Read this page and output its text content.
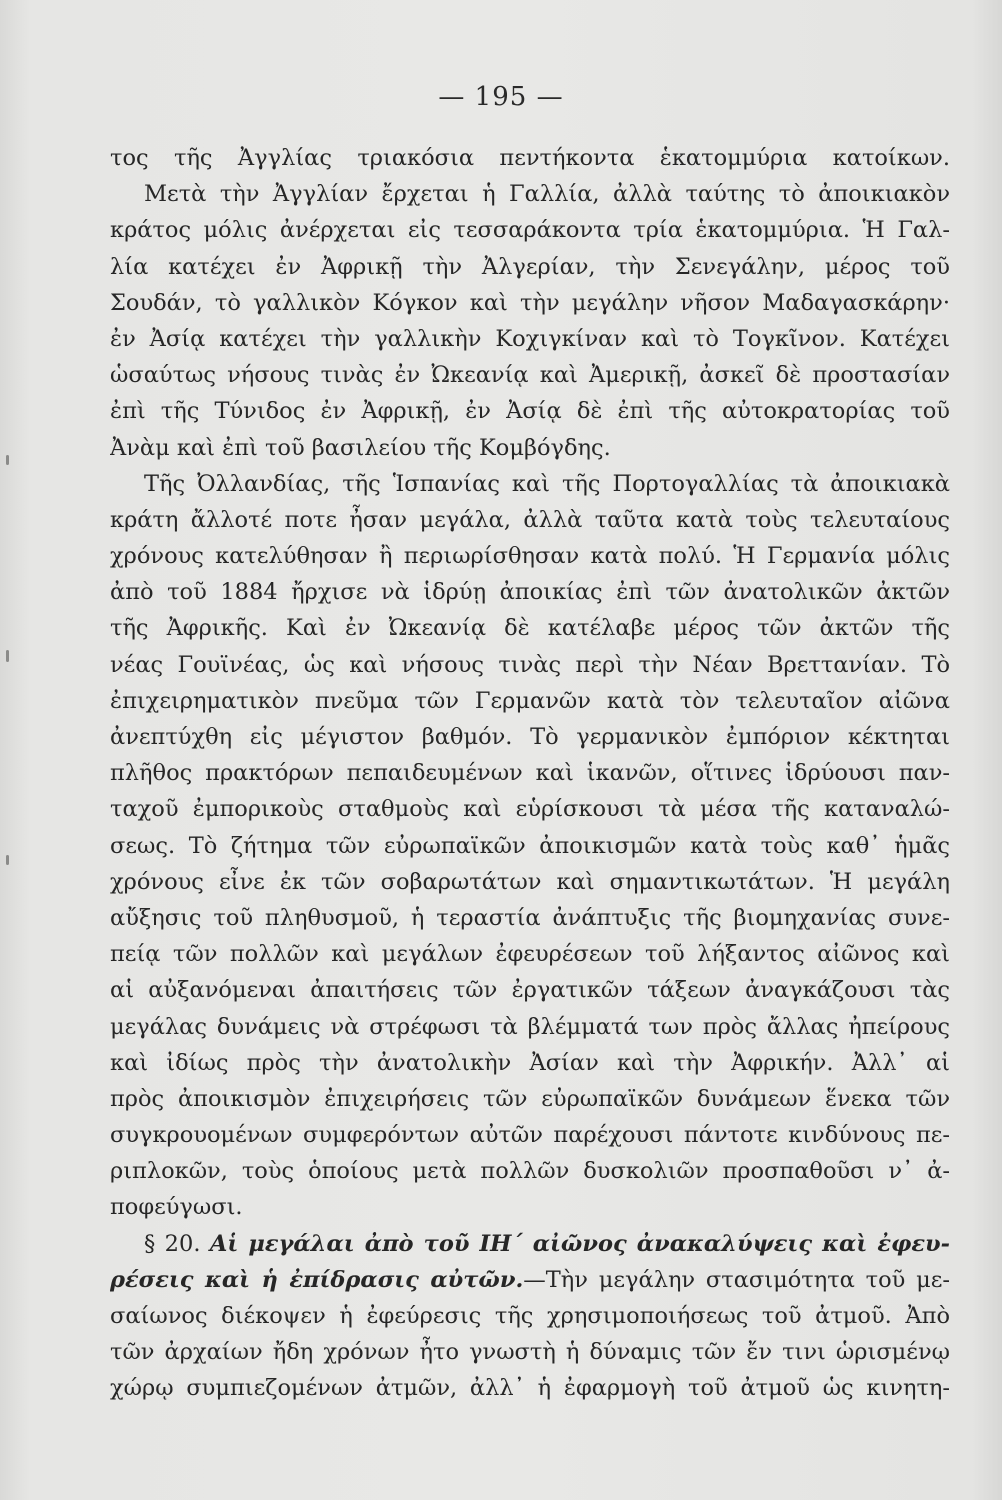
— 195 —
τος τῆς Ἀγγλίας τριακόσια πεντήκοντα ἑκατομμύρια κατοίκων.
Μετὰ τὴν Ἀγγλίαν ἔρχεται ἡ Γαλλία, ἀλλὰ ταύτης τὸ ἀποικιακὸν
κράτος μόλις ἀνέρχεται εἰς τεσσαράκοντα τρία ἑκατομμύρια. Ἡ Γαλ-
λία κατέχει ἐν Ἀφρικῇ τὴν Ἀλγερίαν, τὴν Σενεγάλην, μέρος τοῦ
Σουδάν, τὸ γαλλικὸν Κόγκον καὶ τὴν μεγάλην νῆσον Μαδαγασκάρην·
ἐν Ἀσίᾳ κατέχει τὴν γαλλικὴν Κοχιγκίναν καὶ τὸ Τογκῖνον. Κατέχει
ὡσαύτως νήσους τινὰς ἐν Ὠκεανίᾳ καὶ Ἀμερικῇ, ἀσκεῖ δὲ προστασίαν
ἐπὶ τῆς Τύνιδος ἐν Ἀφρικῇ, ἐν Ἀσίᾳ δὲ ἐπὶ τῆς αὐτοκρατορίας τοῦ
Ἀνὰμ καὶ ἐπὶ τοῦ βασιλείου τῆς Κομβόγδης.
Τῆς Ὀλλανδίας, τῆς Ἱσπανίας καὶ τῆς Πορτογαλλίας τὰ ἀποικιακὰ
κράτη ἄλλοτέ ποτε ἦσαν μεγάλα, ἀλλὰ ταῦτα κατὰ τοὺς τελευταίους
χρόνους κατελύθησαν ἢ περιωρίσθησαν κατὰ πολύ. Ἡ Γερμανία μόλις
ἀπὸ τοῦ 1884 ἤρχισε νὰ ἱδρύῃ ἀποικίας ἐπὶ τῶν ἀνατολικῶν ἀκτῶν
τῆς Ἀφρικῆς. Καὶ ἐν Ὠκεανίᾳ δὲ κατέλαβε μέρος τῶν ἀκτῶν τῆς
νέας Γουϊνέας, ὡς καὶ νήσους τινὰς περὶ τὴν Νέαν Βρεττανίαν. Τὸ
ἐπιχειρηματικὸν πνεῦμα τῶν Γερμανῶν κατὰ τὸν τελευταῖον αἰῶνα
ἀνεπτύχθη εἰς μέγιστον βαθμόν. Τὸ γερμανικὸν ἐμπόριον κέκτηται
πλῆθος πρακτόρων πεπαιδευμένων καὶ ἱκανῶν, οἵτινες ἱδρύουσι παν-
ταχοῦ ἐμπορικοὺς σταθμοὺς καὶ εὑρίσκουσι τὰ μέσα τῆς καταναλώ-
σεως. Τὸ ζήτημα τῶν εὐρωπαϊκῶν ἀποικισμῶν κατὰ τοὺς καθ᾽ ἡμᾶς
χρόνους εἶνε ἐκ τῶν σοβαρωτάτων καὶ σημαντικωτάτων. Ἡ μεγάλη
αὔξησις τοῦ πληθυσμοῦ, ἡ τεραστία ἀνάπτυξις τῆς βιομηχανίας συνε-
πείᾳ τῶν πολλῶν καὶ μεγάλων ἐφευρέσεων τοῦ λήξαντος αἰῶνος καὶ
αἱ αὐξανόμεναι ἀπαιτήσεις τῶν ἐργατικῶν τάξεων ἀναγκάζουσι τὰς
μεγάλας δυνάμεις νὰ στρέφωσι τὰ βλέμματά των πρὸς ἄλλας ἠπείρους
καὶ ἰδίως πρὸς τὴν ἀνατολικὴν Ἀσίαν καὶ τὴν Ἀφρικήν. Ἀλλ᾽ αἱ
πρὸς ἀποικισμὸν ἐπιχειρήσεις τῶν εὐρωπαϊκῶν δυνάμεων ἕνεκα τῶν
συγκρουομένων συμφερόντων αὐτῶν παρέχουσι πάντοτε κινδύνους πε-
ριπλοκῶν, τοὺς ὁποίους μετὰ πολλῶν δυσκολιῶν προσπαθοῦσι ν᾽ ἀ-
ποφεύγωσι.
§ 20. Αἱ μεγάλαι ἀπὸ τοῦ ΙΗ΄ αἰῶνος ἀνακαλύψεις καὶ ἐφευ-
ρέσεις καὶ ἡ ἐπίδρασις αὐτῶν.—Τὴν μεγάλην στασιμότητα τοῦ με-
σαίωνος διέκοψεν ἡ ἐφεύρεσις τῆς χρησιμοποιήσεως τοῦ ἀτμοῦ. Ἀπὸ
τῶν ἀρχαίων ἤδη χρόνων ἦτο γνωστὴ ἡ δύναμις τῶν ἔν τινι ὡρισμένῳ
χώρῳ συμπιεζομένων ἀτμῶν, ἀλλ᾽ ἡ ἐφαρμογὴ τοῦ ἀτμοῦ ὡς κινητη-
